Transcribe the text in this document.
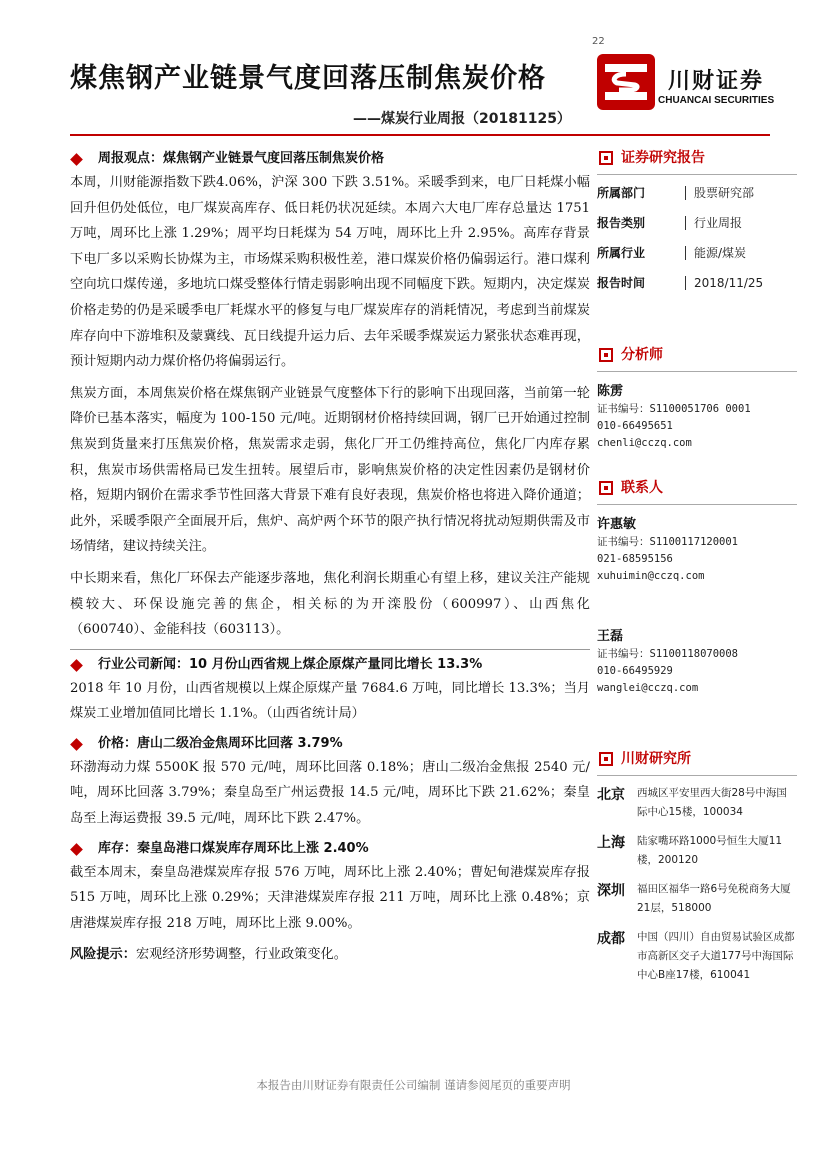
22
煤焦钢产业链景气度回落压制焦炭价格
——煤炭行业周报（20181125）
川财证券
CHUANCAI SECURITIES
周报观点：煤焦钢产业链景气度回落压制焦炭价格

本周，川财能源指数下跌4.06%，沪深 300 下跌 3.51%。采暖季到来，电厂日耗煤小幅回升但仍处低位，电厂煤炭高库存、低日耗仍状况延续。本周六大电厂库存总量达 1751 万吨，周环比上涨 1.29%；周平均日耗煤为 54 万吨，周环比上升 2.95%。高库存背景下电厂多以采购长协煤为主，市场煤采购积极性差，港口煤炭价格仍偏弱运行。港口煤利空向坑口煤传递，多地坑口煤受整体行情走弱影响出现不同幅度下跌。短期内，决定煤炭价格走势的仍是采暖季电厂耗煤水平的修复与电厂煤炭库存的消耗情况，考虑到当前煤炭库存向中下游堆积及蒙冀线、瓦日线提升运力后、去年采暖季煤炭运力紧张状态难再现，预计短期内动力煤价格仍将偏弱运行。

焦炭方面，本周焦炭价格在煤焦钢产业链景气度整体下行的影响下出现回落，当前第一轮降价已基本落实，幅度为 100-150 元/吨。近期钢材价格持续回调，钢厂已开始通过控制焦炭到货量来打压焦炭价格，焦炭需求走弱，焦化厂开工仍维持高位，焦化厂内库存累积，焦炭市场供需格局已发生扭转。展望后市，影响焦炭价格的决定性因素仍是钢材价格，短期内钢价在需求季节性回落大背景下难有良好表现，焦炭价格也将进入降价通道；此外，采暖季限产全面展开后，焦炉、高炉两个环节的限产执行情况将扰动短期供需及市场情绪，建议持续关注。

中长期来看，焦化厂环保去产能逐步落地，焦化利润长期重心有望上移，建议关注产能规模较大、环保设施完善的焦企，相关标的为开滦股份（600997）、山西焦化（600740）、金能科技（603113）。

行业公司新闻：10 月份山西省规上煤企原煤产量同比增长 13.3%

2018 年 10 月份，山西省规模以上煤企原煤产量 7684.6 万吨，同比增长 13.3%；当月煤炭工业增加值同比增长 1.1%。（山西省统计局）

价格：唐山二级冶金焦周环比回落 3.79%

环渤海动力煤 5500K 报 570 元/吨，周环比回落 0.18%；唐山二级冶金焦报 2540 元/吨，周环比回落 3.79%；秦皇岛至广州运费报 14.5 元/吨，周环比下跌 21.62%；秦皇岛至上海运费报 39.5 元/吨，周环比下跌 2.47%。

库存：秦皇岛港口煤炭库存周环比上涨 2.40%

截至本周末，秦皇岛港煤炭库存报 576 万吨，周环比上涨 2.40%；曹妃甸港煤炭库存报 515 万吨，周环比上涨 0.29%；天津港煤炭库存报 211 万吨，周环比上涨 0.48%；京唐港煤炭库存报 218 万吨，周环比上涨 9.00%。

风险提示：宏观经济形势调整，行业政策变化。

证券研究报告
所属部门	股票研究部
报告类别	行业周报
所属行业	能源/煤炭
报告时间	2018/11/25
分析师
陈雳
证书编号：S1100051706 0001
010-66495651
chenli@cczq.com
联系人
许惠敏
证书编号：S1100117120001
021-68595156
xuhuimin@cczq.com
王磊
证书编号：S1100118070008
010-66495929
wanglei@cczq.com
川财研究所
北京	西城区平安里西大街28号中海国际中心15楼，100034
上海	陆家嘴环路1000号恒生大厦11楼，200120
深圳	福田区福华一路6号免税商务大厦21层，518000
成都	中国（四川）自由贸易试验区成都市高新区交子大道177号中海国际中心B座17楼，610041
本报告由川财证券有限责任公司编制 谨请参阅尾页的重要声明
